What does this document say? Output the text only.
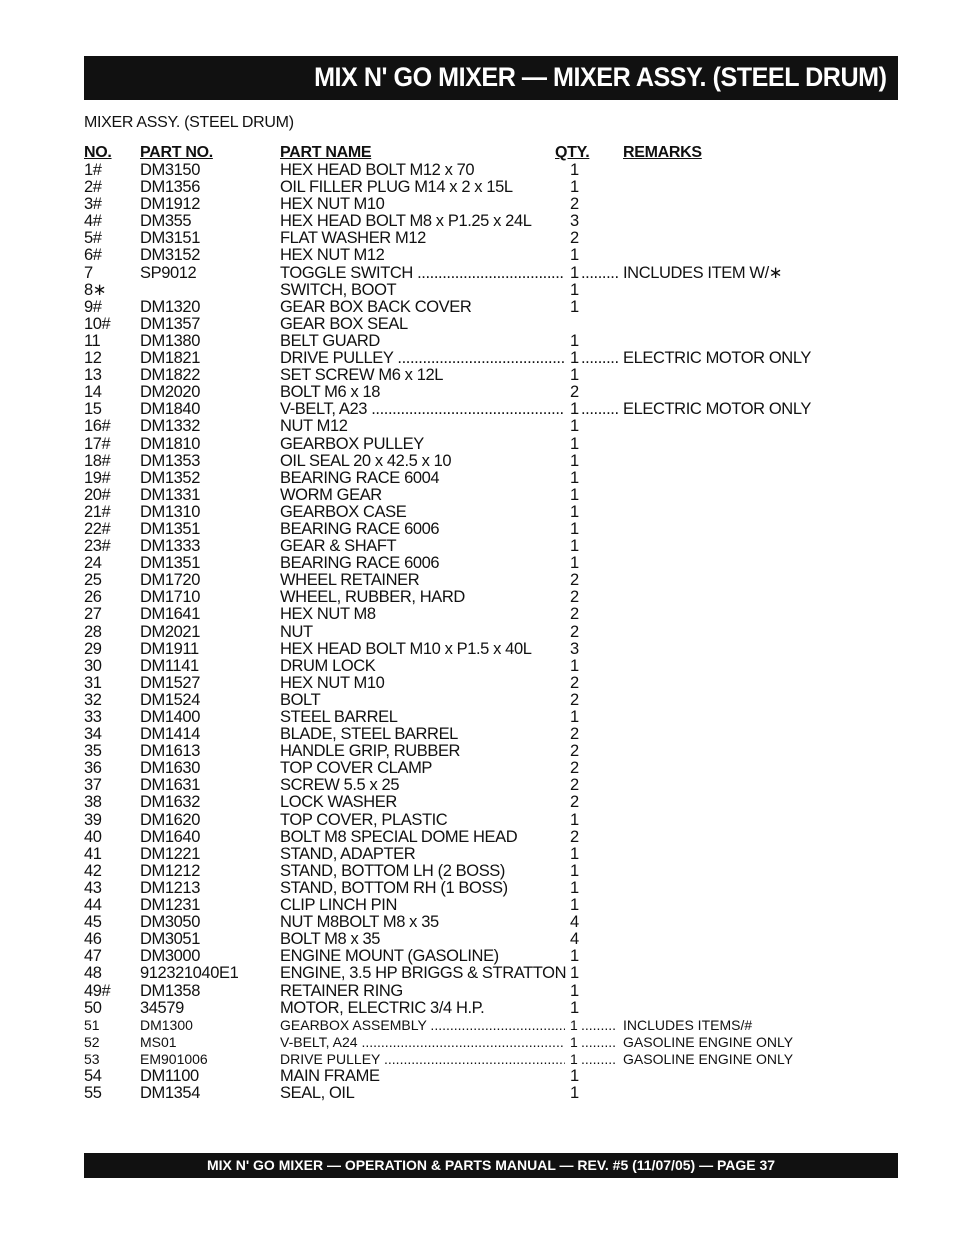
MIX N' GO MIXER — MIXER ASSY. (STEEL DRUM)
MIXER ASSY. (STEEL DRUM)
NO. PART NO.	PART NAME	QTY. REMARKS
1# DM3150	HEX HEAD BOLT M12 x 70	1
2# DM1356	OIL FILLER PLUG M14 x 2 x 15L	1
3# DM1912	HEX NUT M10	2
4# DM355	HEX HEAD BOLT M8 x P1.25 x 24L 3
5# DM3151	FLAT WASHER M12	2
6# DM3152	HEX NUT M12	1
7	SP9012	TOGGLE SWITCH .....	1 ......... INCLUDES ITEM W/∗
8∗	SWITCH, BOOT	1
9# DM1320	GEAR BOX BACK COVER	1
10# DM1357	GEAR BOX SEAL
11 DM1380	BELT GUARD	1
12 DM1821	DRIVE PULLEY .....	1 ......... ELECTRIC MOTOR ONLY
13 DM1822	SET SCREW M6 x 12L	1
14 DM2020	BOLT M6 x 18	2
15 DM1840	V-BELT, A23 .....	1 ......... ELECTRIC MOTOR ONLY
16# DM1332	NUT M12	1
17# DM1810	GEARBOX PULLEY	1
18# DM1353	OIL SEAL 20 x 42.5 x 10	1
19# DM1352	BEARING RACE 6004	1
20# DM1331	WORM GEAR	1
21# DM1310	GEARBOX CASE	1
22# DM1351	BEARING RACE 6006	1
23# DM1333	GEAR & SHAFT	1
24 DM1351	BEARING RACE 6006	1
25 DM1720	WHEEL RETAINER	2
26 DM1710	WHEEL, RUBBER, HARD	2
27 DM1641	HEX NUT M8	2
28 DM2021	NUT	2
29 DM1911	HEX HEAD BOLT M10 x P1.5 x 40L 3
30 DM1141	DRUM LOCK	1
31 DM1527	HEX NUT M10	2
32 DM1524	BOLT	2
33 DM1400	STEEL BARREL	1
34 DM1414	BLADE, STEEL BARREL	2
35 DM1613	HANDLE GRIP, RUBBER	2
36 DM1630	TOP COVER CLAMP	2
37 DM1631	SCREW 5.5 x 25	2
38 DM1632	LOCK WASHER	2
39 DM1620	TOP COVER, PLASTIC	1
40 DM1640	BOLT M8 SPECIAL DOME HEAD	2
41 DM1221	STAND, ADAPTER	1
42 DM1212	STAND, BOTTOM LH (2 BOSS)	1
43 DM1213	STAND, BOTTOM RH (1 BOSS)	1
44 DM1231	CLIP LINCH PIN	1
45 DM3050	NUT M8BOLT M8 x 35	4
46 DM3051	BOLT M8 x 35	4
47 DM3000	ENGINE MOUNT (GASOLINE)	1
48 912321040E1	ENGINE, 3.5 HP BRIGGS & STRATTON 1
49# DM1358	RETAINER RING	1
50 34579	MOTOR, ELECTRIC 3/4 H.P.	1
51	DM1300	GEARBOX ASSEMBLY .....	1 ......... INCLUDES ITEMS/#
52	MS01	V-BELT, A24 .....	1 ......... GASOLINE ENGINE ONLY
53	EM901006	DRIVE PULLEY .....	1 ......... GASOLINE ENGINE ONLY
54 DM1100	MAIN FRAME	1
55 DM1354	SEAL, OIL	1
MIX N' GO MIXER — OPERATION & PARTS MANUAL — REV. #5 (11/07/05) — PAGE 37
